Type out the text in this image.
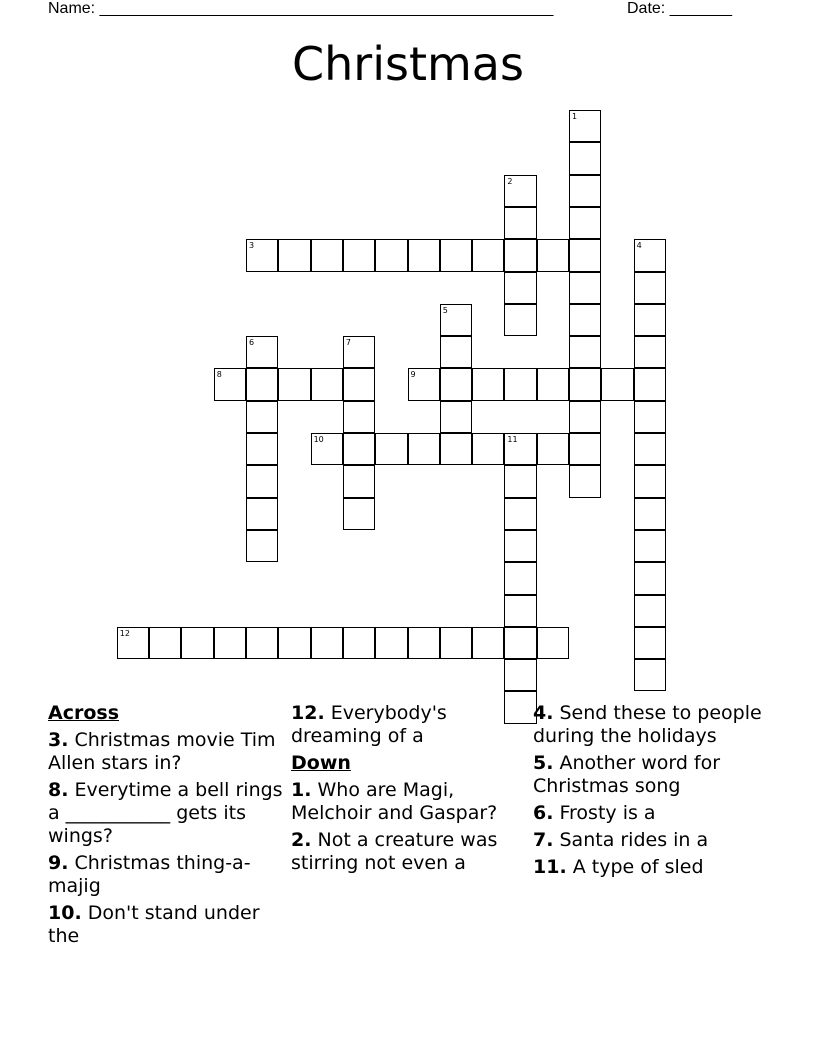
Name: ___________________________________________________	Date: _______
Christmas
1
2
3	4
5
6	7
8	9
10	11
12
Across
3. Christmas movie Tim Allen stars in?
8. Everytime a bell rings a ___________ gets its wings?
9. Christmas thing-a-majig
10. Don't stand under the
12. Everybody's dreaming of a
Down
1. Who are Magi, Melchoir and Gaspar?
2. Not a creature was stirring not even a
4. Send these to people during the holidays
5. Another word for Christmas song
6. Frosty is a
7. Santa rides in a
11. A type of sled
